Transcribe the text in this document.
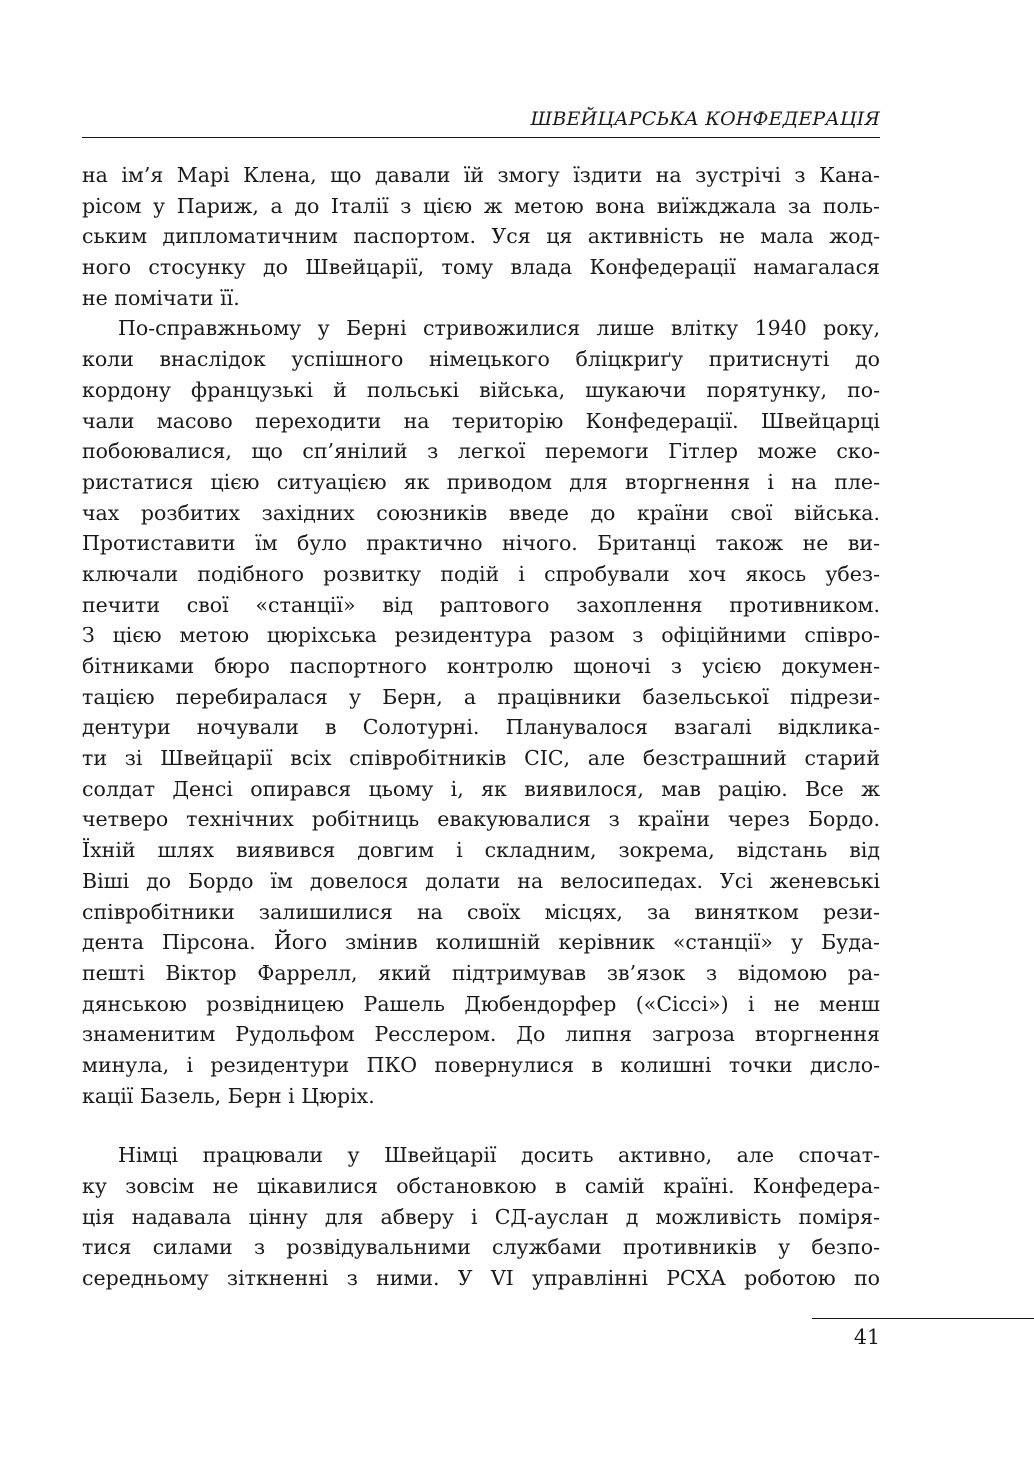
ШВЕЙЦАРСЬКА КОНФЕДЕРАЦІЯ
на ім’я Марі Клена, що давали їй змогу їздити на зустрічі з Кана-
рісом у Париж, а до Італії з цією ж метою вона виїжджала за поль-
ським дипломатичним паспортом. Уся ця активність не мала жод-
ного стосунку до Швейцарії, тому влада Конфедерації намагалася
не помічати її.
По-справжньому у Берні стривожилися лише влітку 1940 року,
коли внаслідок успішного німецького бліцкриґу притиснуті до
кордону французькі й польські війська, шукаючи порятунку, по-
чали масово переходити на територію Конфедерації. Швейцарці
побоювалися, що сп’янілий з легкої перемоги Гітлер може ско-
ристатися цією ситуацією як приводом для вторгнення і на пле-
чах розбитих західних союзників введе до країни свої війська.
Протиставити їм було практично нічого. Британці також не ви-
ключали подібного розвитку подій і спробували хоч якось убез-
печити свої «станції» від раптового захоплення противником.
З цією метою цюріхська резидентура разом з офіційними співро-
бітниками бюро паспортного контролю щоночі з усією докумен-
тацією перебиралася у Берн, а працівники базельської підрези-
дентури ночували в Солотурні. Планувалося взагалі відклика-
ти зі Швейцарії всіх співробітників СІС, але безстрашний старий
солдат Денсі опирався цьому і, як виявилося, мав рацію. Все ж
четверо технічних робітниць евакуювалися з країни через Бордо.
Їхній шлях виявився довгим і складним, зокрема, відстань від
Віші до Бордо їм довелося долати на велосипедах. Усі женевські
співробітники залишилися на своїх місцях, за винятком рези-
дента Пірсона. Його змінив колишній керівник «станції» у Буда-
пешті Віктор Фаррелл, який підтримував зв’язок з відомою ра-
дянською розвідницею Рашель Дюбендорфер («Сіссі») і не менш
знаменитим Рудольфом Ресслером. До липня загроза вторгнення
минула, і резидентури ПКО повернулися в колишні точки дисло-
кації Базель, Берн і Цюріх.
Німці працювали у Швейцарії досить активно, але спочат-
ку зовсім не цікавилися обстановкою в самій країні. Конфедера-
ція надавала цінну для абверу і СД-ауслан д можливість поміря-
тися силами з розвідувальними службами противників у безпо-
середньому зіткненні з ними. У VI управлінні РСХА роботою по
41
